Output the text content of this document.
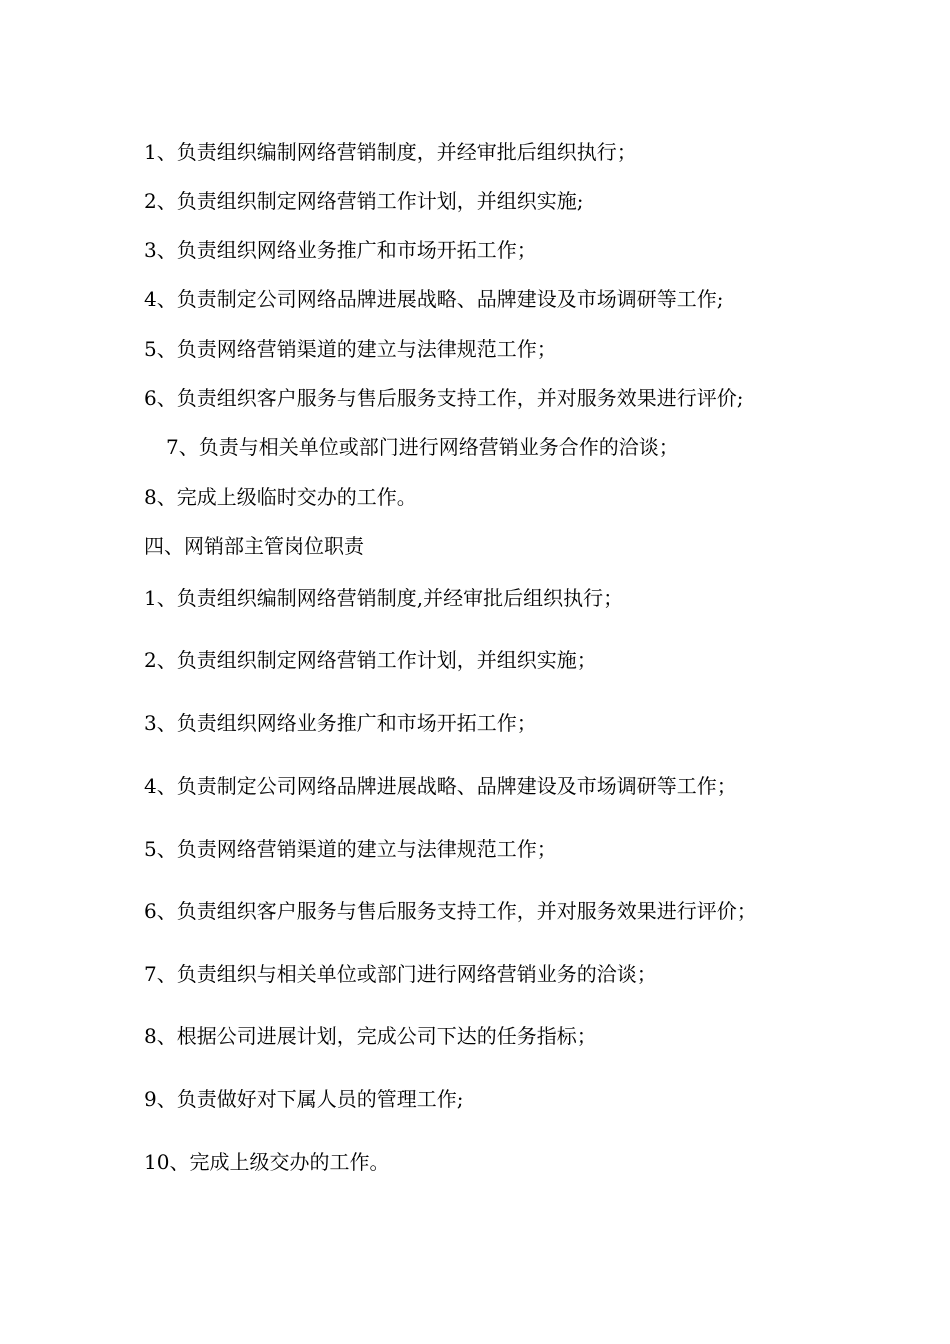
1、负责组织编制网络营销制度，并经审批后组织执行；
2、负责组织制定网络营销工作计划，并组织实施;
3、负责组织网络业务推广和市场开拓工作；
4、负责制定公司网络品牌进展战略、品牌建设及市场调研等工作;
5、负责网络营销渠道的建立与法律规范工作；
6、负责组织客户服务与售后服务支持工作，并对服务效果进行评价;
7、负责与相关单位或部门进行网络营销业务合作的洽谈；
8、完成上级临时交办的工作。
四、网销部主管岗位职责
1、负责组织编制网络营销制度,并经审批后组织执行；
2、负责组织制定网络营销工作计划，并组织实施；
3、负责组织网络业务推广和市场开拓工作；
4、负责制定公司网络品牌进展战略、品牌建设及市场调研等工作；
5、负责网络营销渠道的建立与法律规范工作；
6、负责组织客户服务与售后服务支持工作，并对服务效果进行评价；
7、负责组织与相关单位或部门进行网络营销业务的洽谈；
8、根据公司进展计划，完成公司下达的任务指标；
9、负责做好对下属人员的管理工作;
10、完成上级交办的工作。
